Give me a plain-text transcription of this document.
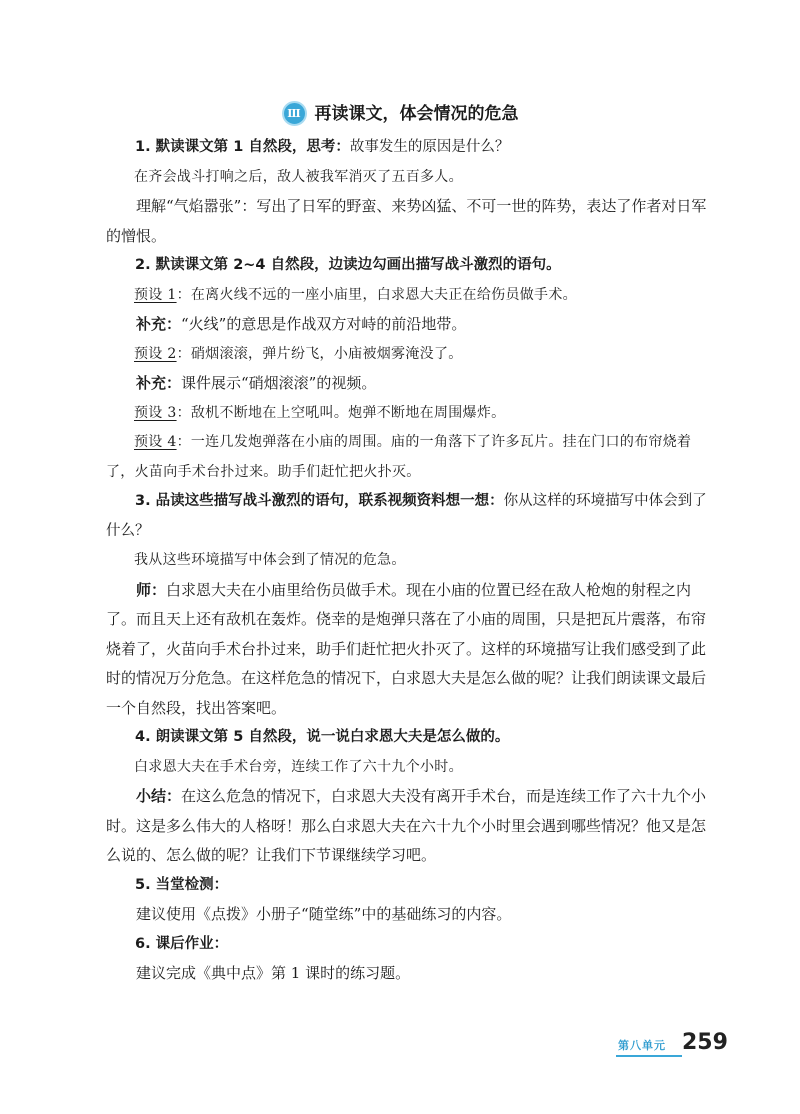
Ⅲ 再读课文，体会情况的危急

1. 默读课文第 1 自然段，思考：故事发生的原因是什么？

在齐会战斗打响之后，敌人被我军消灭了五百多人。

理解“气焰嚣张”：写出了日军的野蛮、来势凶猛、不可一世的阵势，表达了作者对日军的憎恨。

2. 默读课文第 2~4 自然段，边读边勾画出描写战斗激烈的语句。

预设 1：在离火线不远的一座小庙里，白求恩大夫正在给伤员做手术。

补充：“火线”的意思是作战双方对峙的前沿地带。

预设 2：硝烟滚滚，弹片纷飞，小庙被烟雾淹没了。

补充：课件展示“硝烟滚滚”的视频。

预设 3：敌机不断地在上空吼叫。炮弹不断地在周围爆炸。

预设 4：一连几发炮弹落在小庙的周围。庙的一角落下了许多瓦片。挂在门口的布帘烧着了，火苗向手术台扑过来。助手们赶忙把火扑灭。

3. 品读这些描写战斗激烈的语句，联系视频资料想一想：你从这样的环境描写中体会到了什么？

我从这些环境描写中体会到了情况的危急。

师：白求恩大夫在小庙里给伤员做手术。现在小庙的位置已经在敌人枪炮的射程之内了。而且天上还有敌机在轰炸。侥幸的是炮弹只落在了小庙的周围，只是把瓦片震落，布帘烧着了，火苗向手术台扑过来，助手们赶忙把火扑灭了。这样的环境描写让我们感受到了此时的情况万分危急。在这样危急的情况下，白求恩大夫是怎么做的呢？让我们朗读课文最后一个自然段，找出答案吧。

4. 朗读课文第 5 自然段，说一说白求恩大夫是怎么做的。

白求恩大夫在手术台旁，连续工作了六十九个小时。

小结：在这么危急的情况下，白求恩大夫没有离开手术台，而是连续工作了六十九个小时。这是多么伟大的人格呀！那么白求恩大夫在六十九个小时里会遇到哪些情况？他又是怎么说的、怎么做的呢？让我们下节课继续学习吧。

5. 当堂检测：

建议使用《点拨》小册子“随堂练”中的基础练习的内容。

6. 课后作业：

建议完成《典中点》第 1 课时的练习题。

第八单元 259
